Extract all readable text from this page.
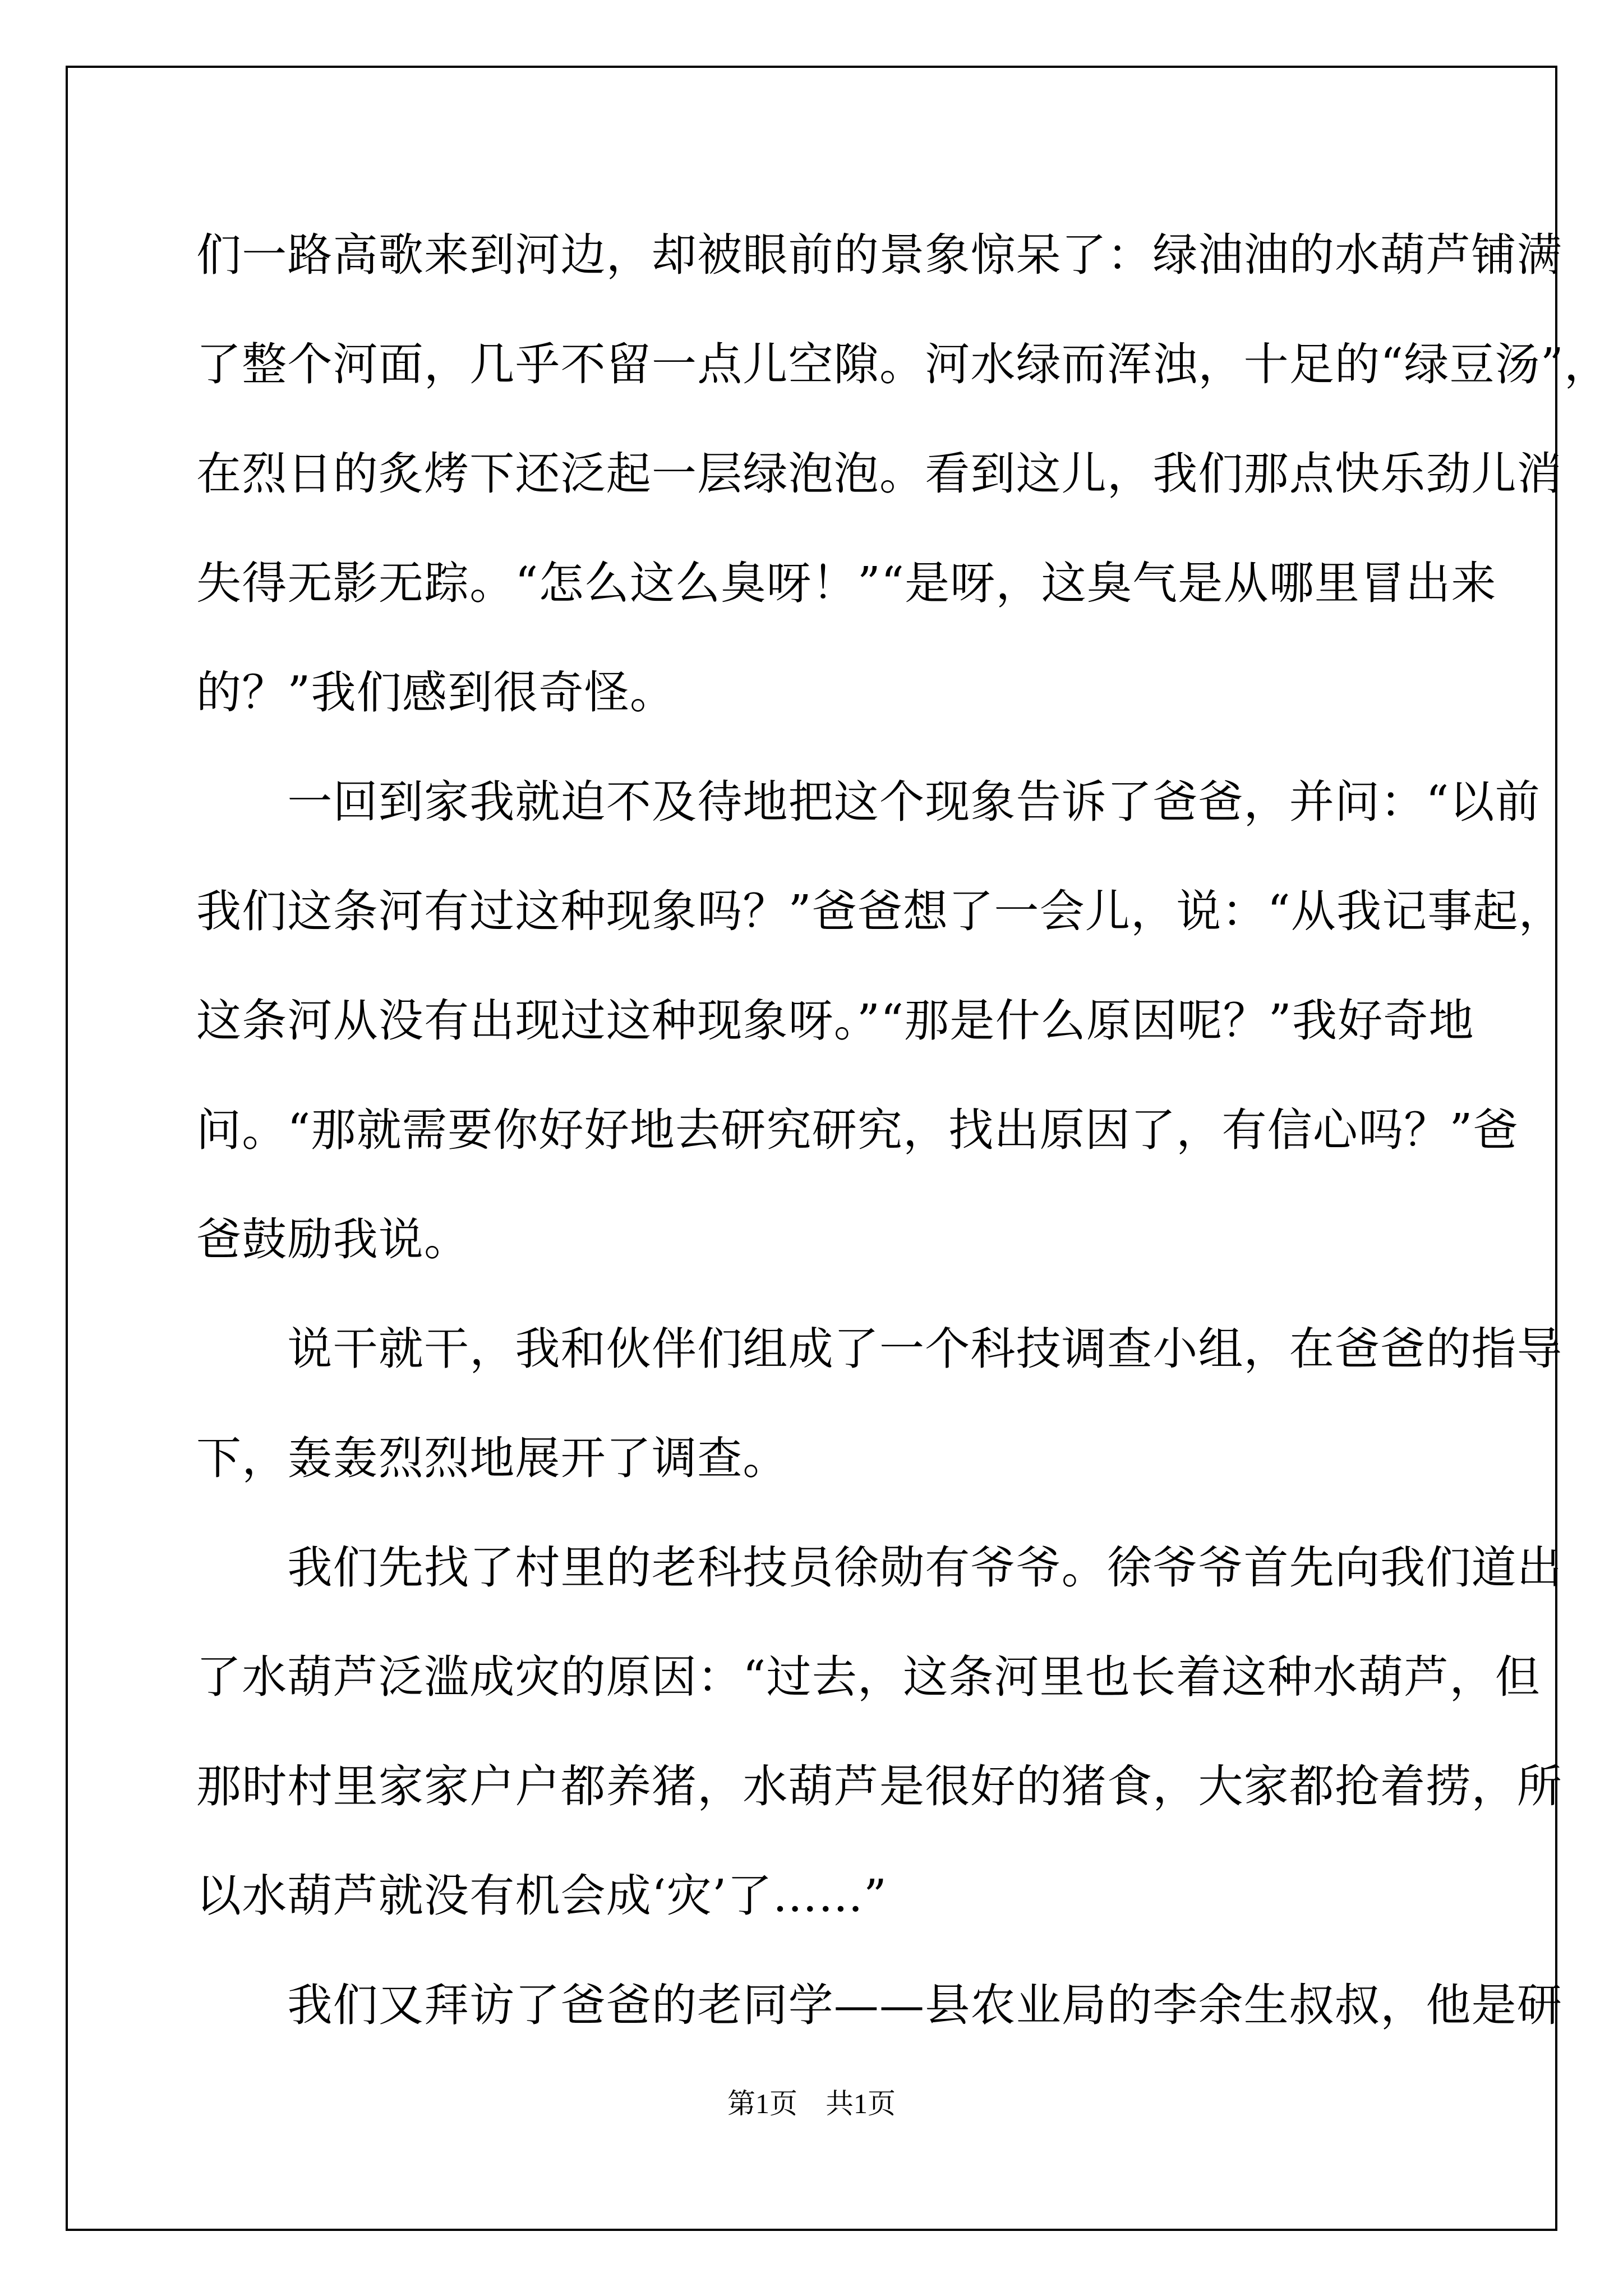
们一路高歌来到河边，却被眼前的景象惊呆了：绿油油的水葫芦铺满
了整个河面，几乎不留一点儿空隙。河水绿而浑浊，十足的“绿豆汤”，
在烈日的炙烤下还泛起一层绿泡泡。看到这儿，我们那点快乐劲儿消
失得无影无踪。“怎么这么臭呀！”“是呀，这臭气是从哪里冒出来
的？”我们感到很奇怪。
　　一回到家我就迫不及待地把这个现象告诉了爸爸，并问：“以前
我们这条河有过这种现象吗？”爸爸想了一会儿，说：“从我记事起，
这条河从没有出现过这种现象呀。”“那是什么原因呢？”我好奇地
问。“那就需要你好好地去研究研究，找出原因了，有信心吗？”爸
爸鼓励我说。
　　说干就干，我和伙伴们组成了一个科技调查小组，在爸爸的指导
下，轰轰烈烈地展开了调查。
　　我们先找了村里的老科技员徐勋有爷爷。徐爷爷首先向我们道出
了水葫芦泛滥成灾的原因：“过去，这条河里也长着这种水葫芦，但
那时村里家家户户都养猪，水葫芦是很好的猪食，大家都抢着捞，所
以水葫芦就没有机会成‘灾’了……”
　　我们又拜访了爸爸的老同学——县农业局的李余生叔叔，他是研
第1页 共1页
